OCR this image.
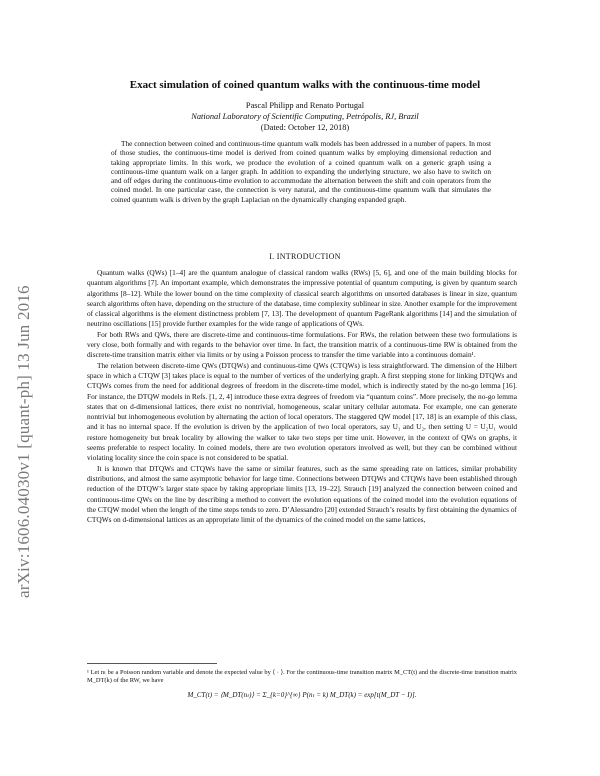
arXiv:1606.04030v1 [quant-ph] 13 Jun 2016
Exact simulation of coined quantum walks with the continuous-time model
Pascal Philipp and Renato Portugal
National Laboratory of Scientific Computing, Petrópolis, RJ, Brazil
(Dated: October 12, 2018)

The connection between coined and continuous-time quantum walk models has been addressed in a number of papers. In most of those studies, the continuous-time model is derived from coined quantum walks by employing dimensional reduction and taking appropriate limits. In this work, we produce the evolution of a coined quantum walk on a generic graph using a continuous-time quantum walk on a larger graph. In addition to expanding the underlying structure, we also have to switch on and off edges during the continuous-time evolution to accommodate the alternation between the shift and coin operators from the coined model. In one particular case, the connection is very natural, and the continuous-time quantum walk that simulates the coined quantum walk is driven by the graph Laplacian on the dynamically changing expanded graph.

I. INTRODUCTION

Quantum walks (QWs) [1–4] are the quantum analogue of classical random walks (RWs) [5, 6], and one of the main building blocks for quantum algorithms [7]. An important example, which demonstrates the impressive potential of quantum computing, is given by quantum search algorithms [8–12]. While the lower bound on the time complexity of classical search algorithms on unsorted databases is linear in size, quantum search algorithms often have, depending on the structure of the database, time complexity sublinear in size. Another example for the improvement of classical algorithms is the element distinctness problem [7, 13]. The development of quantum PageRank algorithms [14] and the simulation of neutrino oscillations [15] provide further examples for the wide range of applications of QWs.

For both RWs and QWs, there are discrete-time and continuous-time formulations. For RWs, the relation between these two formulations is very close, both formally and with regards to the behavior over time. In fact, the transition matrix of a continuous-time RW is obtained from the discrete-time transition matrix either via limits or by using a Poisson process to transfer the time variable into a continuous domain¹.

The relation between discrete-time QWs (DTQWs) and continuous-time QWs (CTQWs) is less straightforward. The dimension of the Hilbert space in which a CTQW [3] takes place is equal to the number of vertices of the underlying graph. A first stepping stone for linking DTQWs and CTQWs comes from the need for additional degrees of freedom in the discrete-time model, which is indirectly stated by the no-go lemma [16]. For instance, the DTQW models in Refs. [1, 2, 4] introduce these extra degrees of freedom via “quantum coins”. More precisely, the no-go lemma states that on d-dimensional lattices, there exist no nontrivial, homogeneous, scalar unitary cellular automata. For example, one can generate nontrivial but inhomogeneous evolution by alternating the action of local operators. The staggered QW model [17, 18] is an example of this class, and it has no internal space. If the evolution is driven by the application of two local operators, say U₁ and U₂, then setting U = U₂U₁ would restore homogeneity but break locality by allowing the walker to take two steps per time unit. However, in the context of QWs on graphs, it seems preferable to respect locality. In coined models, there are two evolution operators involved as well, but they can be combined without violating locality since the coin space is not considered to be spatial.

It is known that DTQWs and CTQWs have the same or similar features, such as the same spreading rate on lattices, similar probability distributions, and almost the same asymptotic behavior for large time. Connections between DTQWs and CTQWs have been established through reduction of the DTQW’s larger state space by taking appropriate limits [13, 19–22]. Strauch [19] analyzed the connection between coined and continuous-time QWs on the line by describing a method to convert the evolution equations of the coined model into the evolution equations of the CTQW model when the length of the time steps tends to zero. D’Alessandro [20] extended Strauch’s results by first obtaining the dynamics of CTQWs on d-dimensional lattices as an appropriate limit of the dynamics of the coined model on the same lattices,

¹ Let nₜ be a Poisson random variable and denote the expected value by ⟨ · ⟩. For the continuous-time transition matrix M_CT(t) and the discrete-time transition matrix M_DT(k) of the RW, we have

M_CT(t) = ⟨M_DT(nₜ)⟩ = Σ_{k=0}^{∞} P(nₜ = k) M_DT(k) = exp[t(M_DT − I)].
